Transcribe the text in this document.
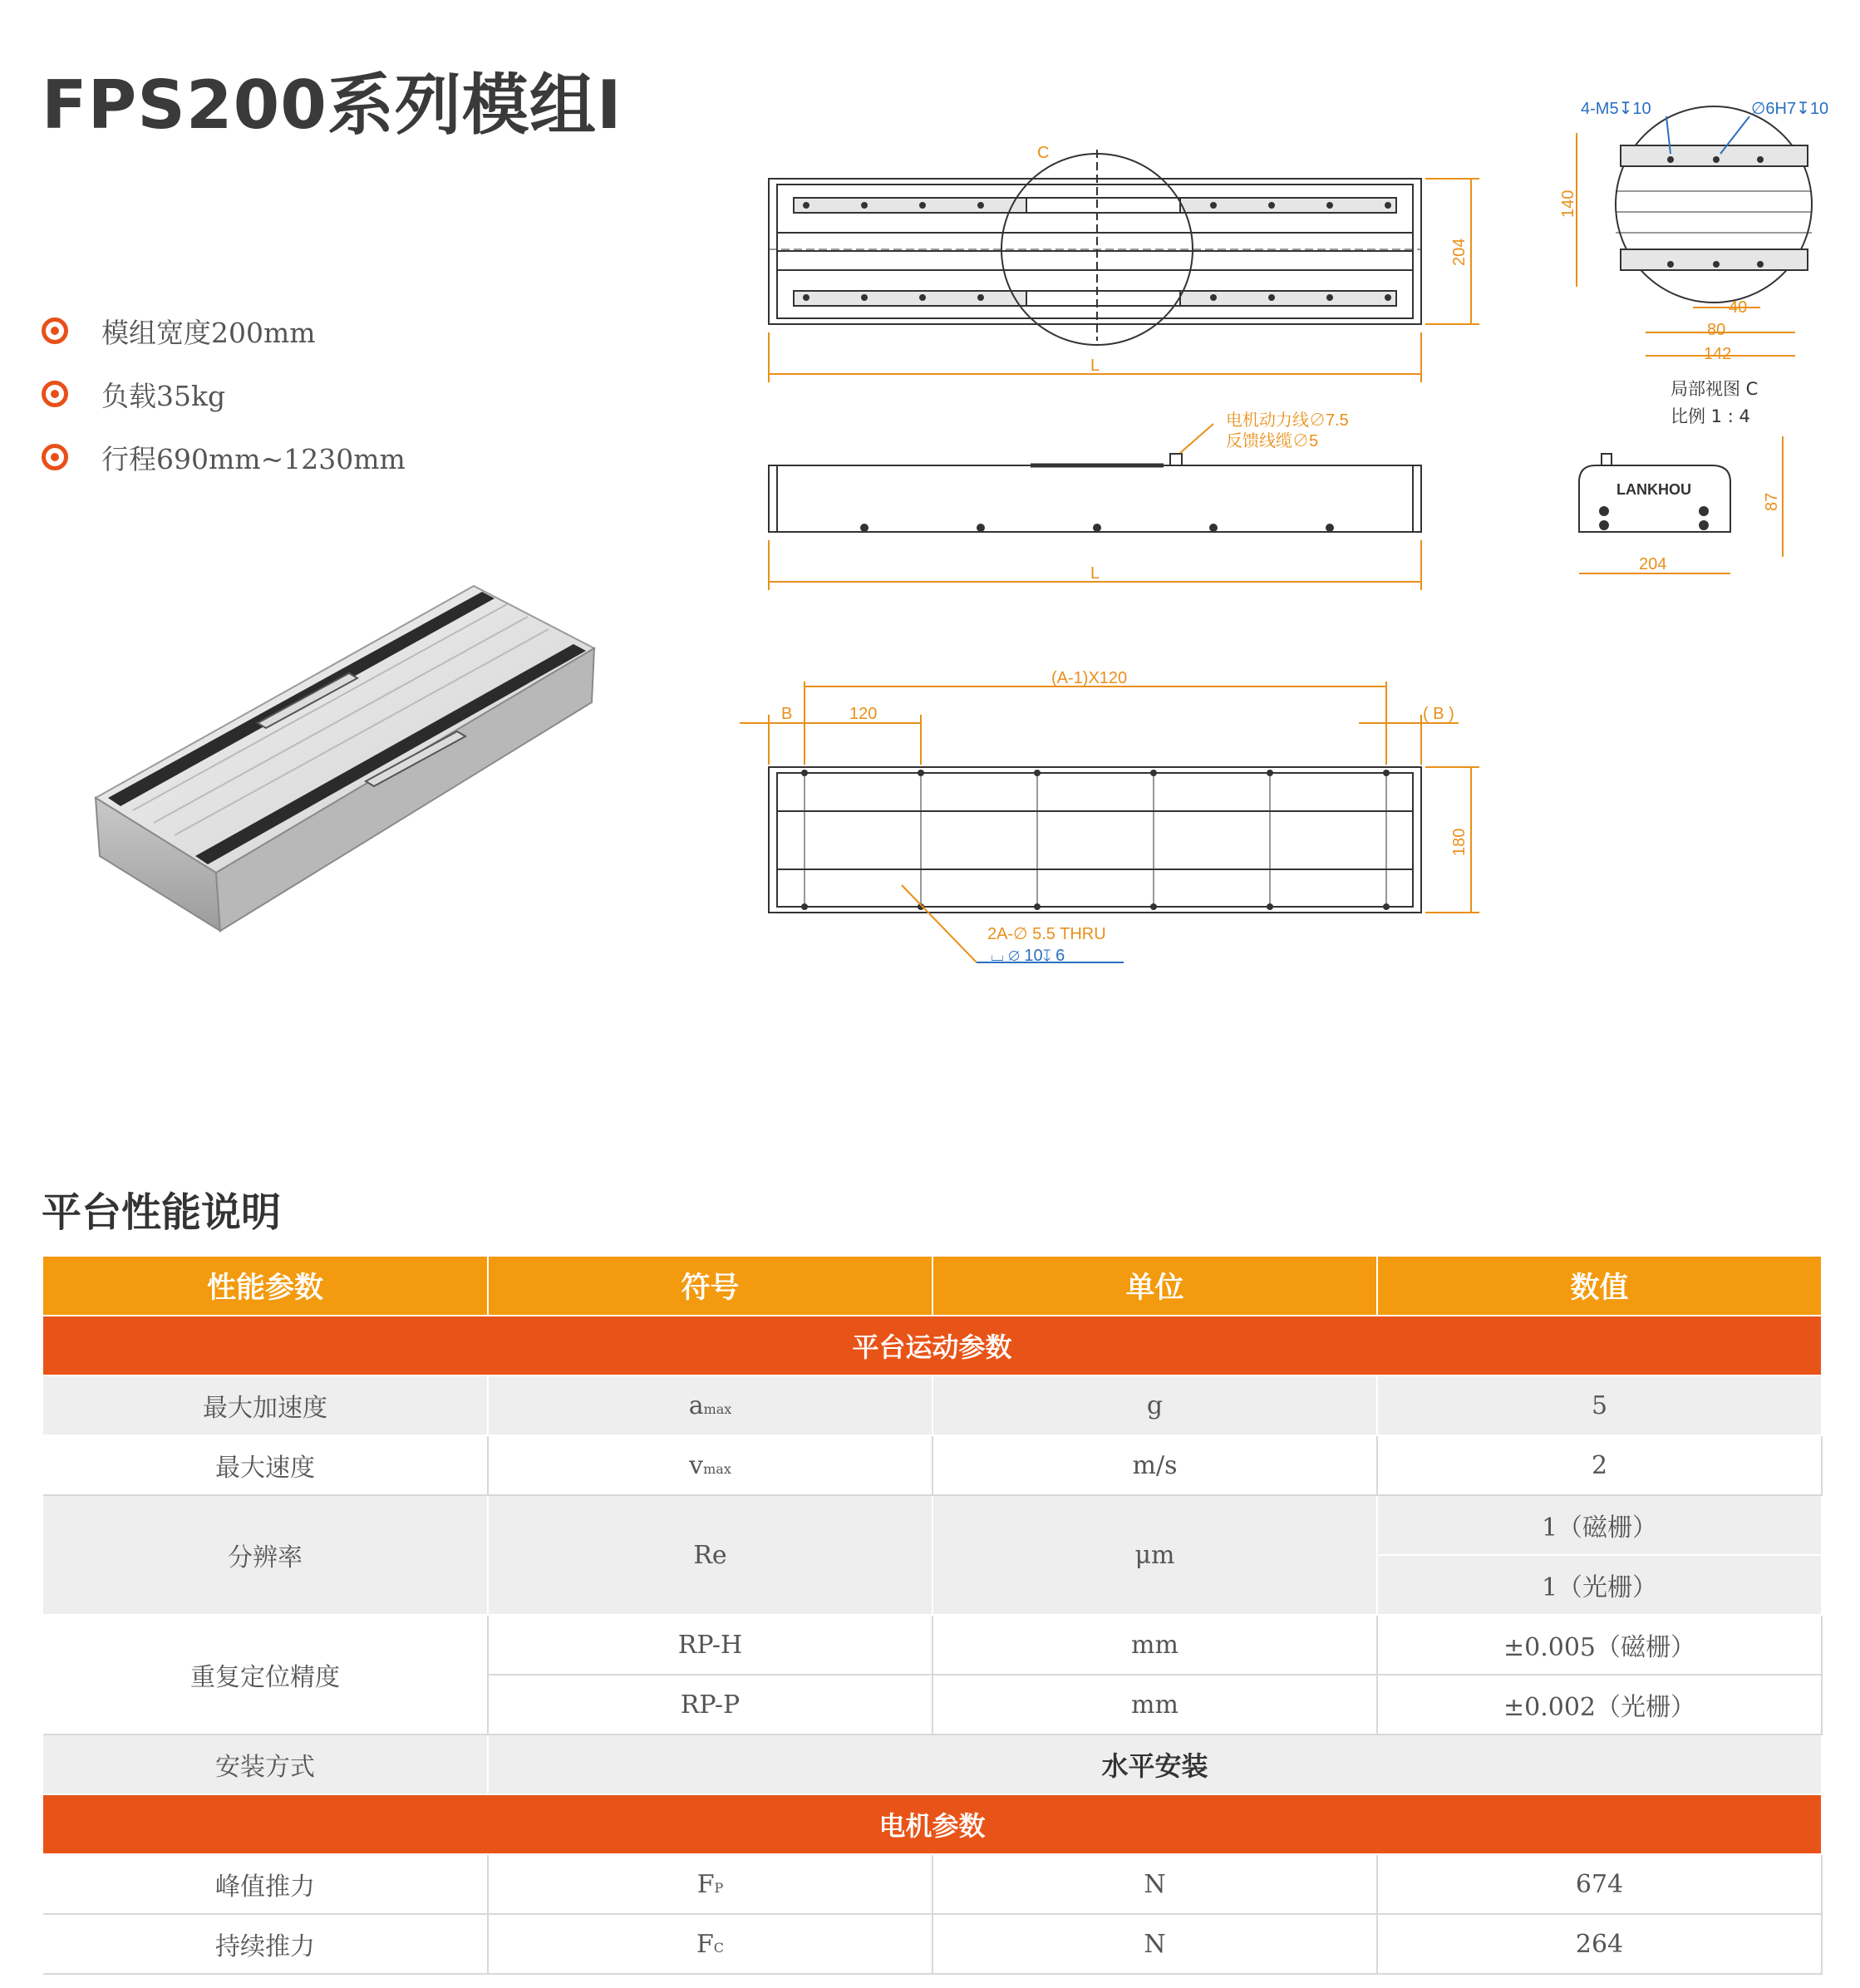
FPS200系列模组Ⅰ
模组宽度200mm
负载35kg
行程690mm~1230mm
C
204
L
电机动力线∅7.5
反馈线缆∅5
L
4-M5↧10	∅6H7↧10
140
40
80
142
局部视图 C
比例 1 : 4
LANKHOU
87
204
(A-1)X120
B	120	( B )
180
2A-∅ 5.5 THRU
⌴ ∅ 10↧ 6
平台性能说明
性能参数	符号	单位	数值
平台运动参数			
最大加速度	amax	g	5
最大速度	vmax	m/s	2
分辨率	Re	μm	1（磁栅）
			1（光栅）
重复定位精度	RP-H	mm	±0.005（磁栅）
	RP-P	mm	±0.002（光栅）
安装方式	水平安装		
电机参数			
峰值推力	FP	N	674
持续推力	FC	N	264
